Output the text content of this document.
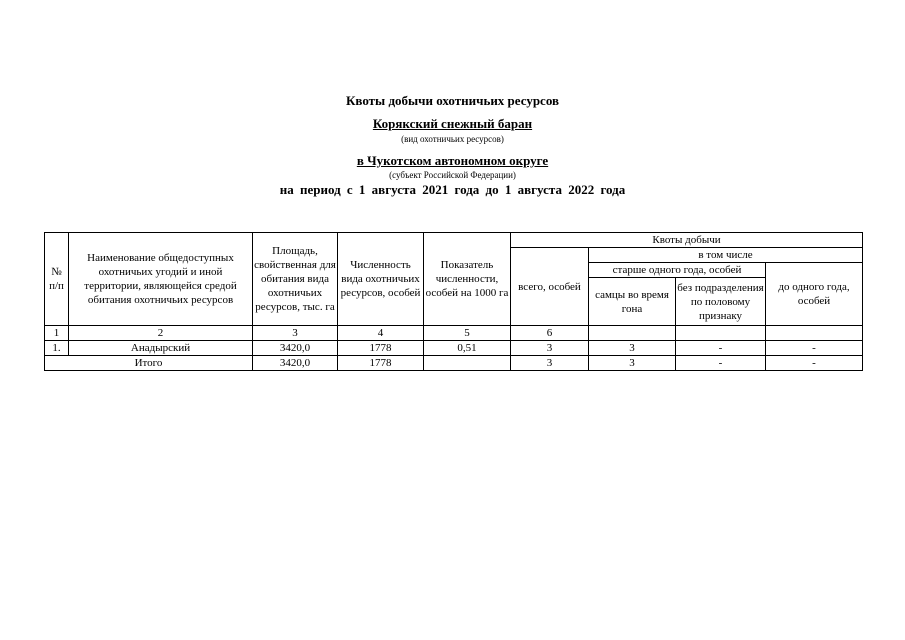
Квоты добычи охотничьих ресурсов
Корякский снежный баран
(вид охотничьих ресурсов)
в Чукотском автономном округе
(субъект Российской Федерации)
на период с 1 августа 2021 года до 1 августа 2022 года
№ п/п	Наименование общедоступных охотничьих угодий и иной территории, являющейся средой обитания охотничьих ресурсов	Площадь, свойственная для обитания вида охотничьих ресурсов, тыс. га	Численность вида охотничьих ресурсов, особей	Показатель численности, особей на 1000 га	Квоты добычи				
					всего, особей	в том числе			
						старше одного года, особей		до одного года, особей	
						самцы во время гона	без подразделения по половому признаку		

1	2	3	4	5	6				
1.	Анадырский	3420,0	1778	0,51	3	3	-	-	
Итого		3420,0	1778		3	3	-	-	
